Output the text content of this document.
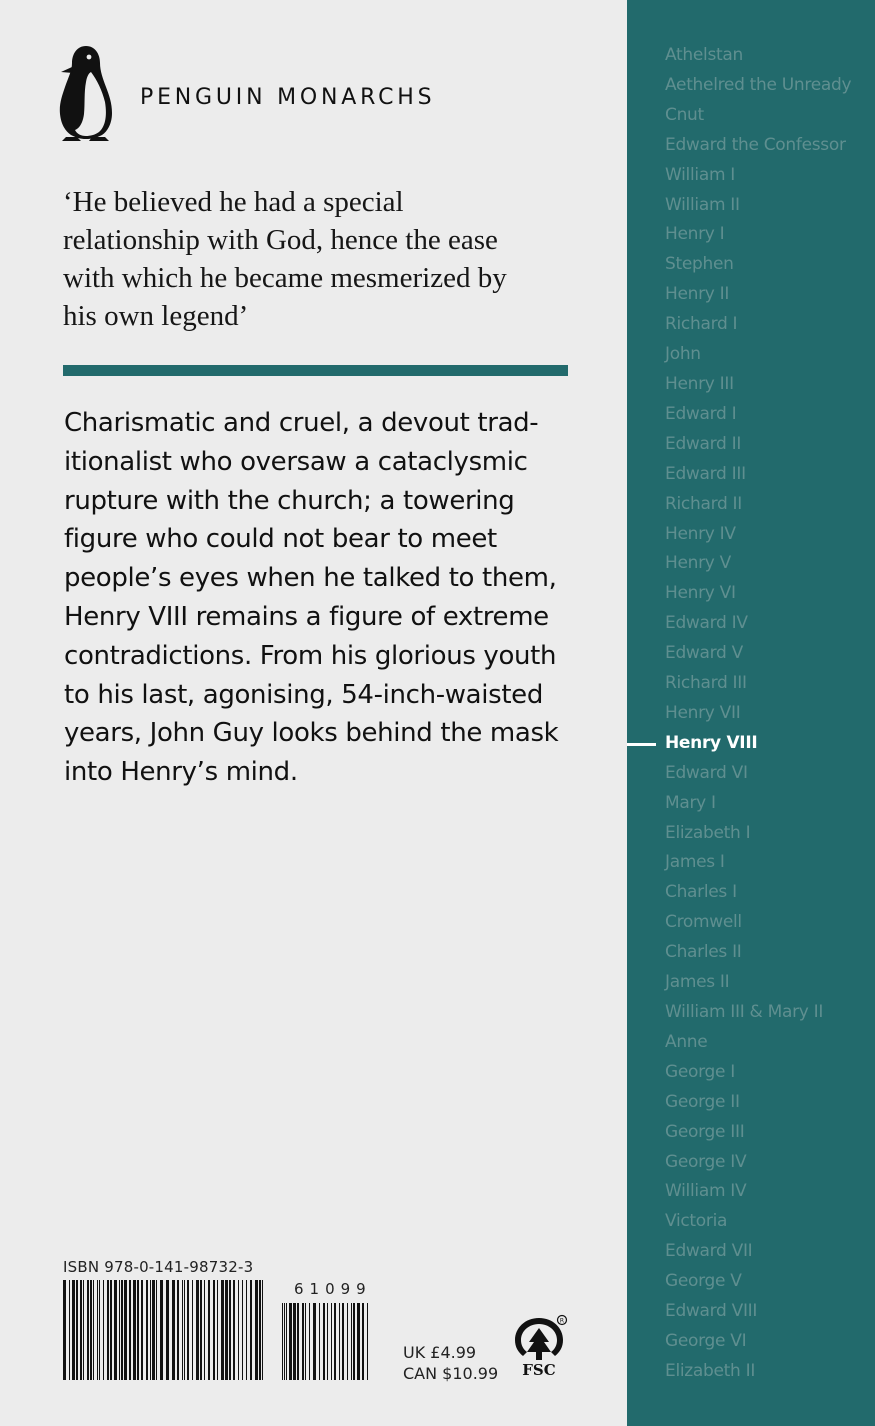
PENGUIN MONARCHS
‘He believed he had a special
relationship with God, hence the ease
with which he became mesmerized by
his own legend’
Charismatic and cruel, a devout trad-
itionalist who oversaw a cataclysmic
rupture with the church; a towering
figure who could not bear to meet
people’s eyes when he talked to them,
Henry VIII remains a figure of extreme
contradictions. From his glorious youth
to his last, agonising, 54-inch-waisted
years, John Guy looks behind the mask
into Henry’s mind.
ISBN 978-0-141-98732-3
61099
UK £4.99
CAN $10.99
R
FSC
Athelstan
Aethelred the Unready
Cnut
Edward the Confessor
William I
William II
Henry I
Stephen
Henry II
Richard I
John
Henry III
Edward I
Edward II
Edward III
Richard II
Henry IV
Henry V
Henry VI
Edward IV
Edward V
Richard III
Henry VII
Henry VIII
Edward VI
Mary I
Elizabeth I
James I
Charles I
Cromwell
Charles II
James II
William III & Mary II
Anne
George I
George II
George III
George IV
William IV
Victoria
Edward VII
George V
Edward VIII
George VI
Elizabeth II
